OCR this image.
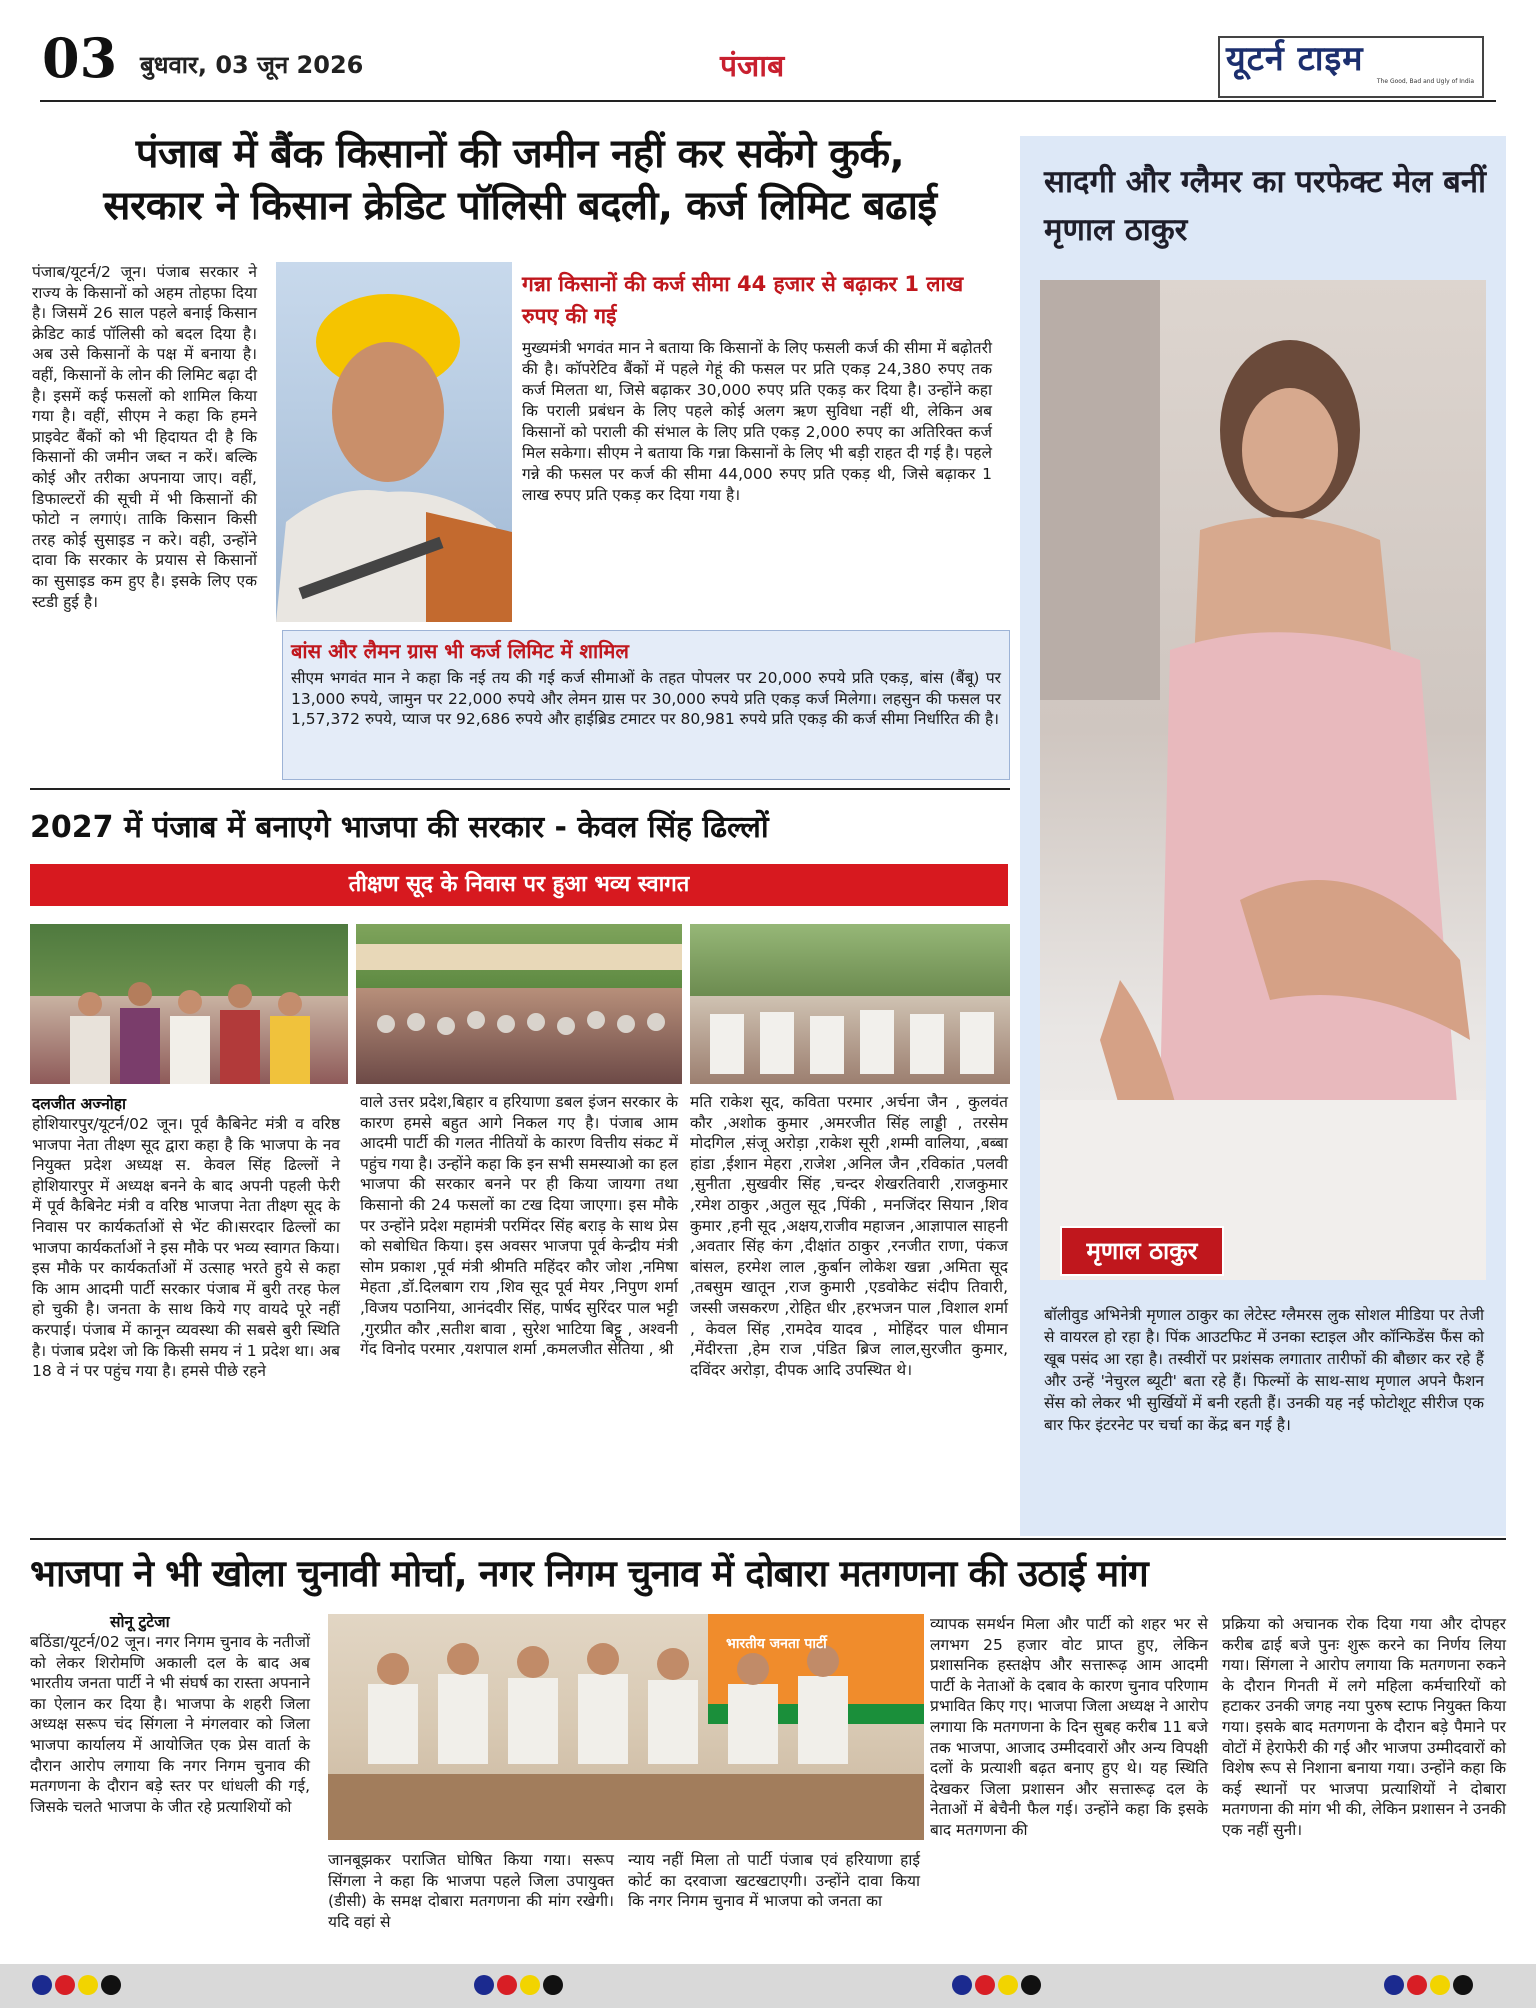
03 बुधवार, 03 जून 2026	पंजाब	यूटर्न टाइम
The Good, Bad and Ugly of India
पंजाब में बैंक किसानों की जमीन नहीं कर सकेंगे कुर्क,
सरकार ने किसान क्रेडिट पॉलिसी बदली, कर्ज लिमिट बढाई
पंजाब/यूटर्न/2 जून। पंजाब सरकार ने राज्य के किसानों को अहम तोहफा दिया है। जिसमें 26 साल पहले बनाई किसान क्रेडिट कार्ड पॉलिसी को बदल दिया है। अब उसे किसानों के पक्ष में बनाया है। वहीं, किसानों के लोन की लिमिट बढ़ा दी है। इसमें कई फसलों को शामिल किया गया है। वहीं, सीएम ने कहा कि हमने प्राइवेट बैंकों को भी हिदायत दी है कि किसानों की जमीन जब्त न करें। बल्कि कोई और तरीका अपनाया जाए। वहीं, डिफाल्टरों की सूची में भी किसानों की फोटो न लगाएं। ताकि किसान किसी तरह कोई सुसाइड न करे। वही, उन्होंने दावा कि सरकार के प्रयास से किसानों का सुसाइड कम हुए है। इसके लिए एक स्टडी हुई है।
गन्ना किसानों की कर्ज सीमा 44 हजार से बढ़ाकर 1 लाख रुपए की गई
मुख्यमंत्री भगवंत मान ने बताया कि किसानों के लिए फसली कर्ज की सीमा में बढ़ोतरी की है। कॉपरेटिव बैंकों में पहले गेहूं की फसल पर प्रति एकड़ 24,380 रुपए तक कर्ज मिलता था, जिसे बढ़ाकर 30,000 रुपए प्रति एकड़ कर दिया है। उन्होंने कहा कि पराली प्रबंधन के लिए पहले कोई अलग ऋण सुविधा नहीं थी, लेकिन अब किसानों को पराली की संभाल के लिए प्रति एकड़ 2,000 रुपए का अतिरिक्त कर्ज मिल सकेगा। सीएम ने बताया कि गन्ना किसानों के लिए भी बड़ी राहत दी गई है। पहले गन्ने की फसल पर कर्ज की सीमा 44,000 रुपए प्रति एकड़ थी, जिसे बढ़ाकर 1 लाख रुपए प्रति एकड़ कर दिया गया है।
बांस और लैमन ग्रास भी कर्ज लिमिट में शामिल
सीएम भगवंत मान ने कहा कि नई तय की गई कर्ज सीमाओं के तहत पोपलर पर 20,000 रुपये प्रति एकड़, बांस (बैंबू) पर 13,000 रुपये, जामुन पर 22,000 रुपये और लेमन ग्रास पर 30,000 रुपये प्रति एकड़ कर्ज मिलेगा। लहसुन की फसल पर 1,57,372 रुपये, प्याज पर 92,686 रुपये और हाईब्रिड टमाटर पर 80,981 रुपये प्रति एकड़ की कर्ज सीमा निर्धारित की है।
2027 में पंजाब में बनाएगे भाजपा की सरकार - केवल सिंह ढिल्लों
तीक्षण सूद के निवास पर हुआ भव्य स्वागत
दलजीत अज्नोहा
होशियारपुर/यूटर्न/02 जून। पूर्व कैबिनेट मंत्री व वरिष्ठ भाजपा नेता तीक्ष्ण सूद द्वारा कहा है कि भाजपा के नव नियुक्त प्रदेश अध्यक्ष स. केवल सिंह ढिल्लों ने होशियारपुर में अध्यक्ष बनने के बाद अपनी पहली फेरी में पूर्व कैबिनेट मंत्री व वरिष्ठ भाजपा नेता तीक्ष्ण सूद के निवास पर कार्यकर्ताओं से भेंट की।सरदार ढिल्लों का भाजपा कार्यकर्ताओं ने इस मौके पर भव्य स्वागत किया। इस मौके पर कार्यकर्ताओं में उत्साह भरते हुये से कहा कि आम आदमी पार्टी सरकार पंजाब में बुरी तरह फेल हो चुकी है। जनता के साथ किये गए वायदे पूरे नहीं करपाई। पंजाब में कानून व्यवस्था की सबसे बुरी स्थिति है। पंजाब प्रदेश जो कि किसी समय नं 1 प्रदेश था। अब 18 वे नं पर पहुंच गया है। हमसे पीछे रहने
वाले उत्तर प्रदेश,बिहार व हरियाणा डबल इंजन सरकार के कारण हमसे बहुत आगे निकल गए है। पंजाब आम आदमी पार्टी की गलत नीतियों के कारण वित्तीय संकट में पहुंच गया है। उन्होंने कहा कि इन सभी समस्याओ का हल भाजपा की सरकार बनने पर ही किया जायगा तथा किसानो की 24 फसलों का टख दिया जाएगा। इस मौके पर उन्होंने प्रदेश महामंत्री परमिंदर सिंह बराड़ के साथ प्रेस को सबोधित किया। इस अवसर भाजपा पूर्व केन्द्रीय मंत्री सोम प्रकाश ,पूर्व मंत्री श्रीमति महिंदर कौर जोश ,नमिषा मेहता ,डॉ.दिलबाग राय ,शिव सूद पूर्व मेयर ,निपुण शर्मा ,विजय पठानिया, आनंदवीर सिंह, पार्षद सुरिंदर पाल भट्टी ,गुरप्रीत कौर ,सतीश बावा , सुरेश भाटिया बिट्टू , अश्वनी गेंद विनोद परमार ,यशपाल शर्मा ,कमलजीत सेतिया , श्री
मति राकेश सूद, कविता परमार ,अर्चना जैन , कुलवंत कौर ,अशोक कुमार ,अमरजीत सिंह लाड्डी , तरसेम मोदगिल ,संजू अरोड़ा ,राकेश सूरी ,शम्मी वालिया, ,बब्बा हांडा ,ईशान मेहरा ,राजेश ,अनिल जैन ,रविकांत ,पलवी ,सुनीता ,सुखवीर सिंह ,चन्दर शेखरतिवारी ,राजकुमार ,रमेश ठाकुर ,अतुल सूद ,पिंकी , मनजिंदर सियान ,शिव कुमार ,हनी सूद ,अक्षय,राजीव महाजन ,आज्ञापाल साहनी ,अवतार सिंह कंग ,दीक्षांत ठाकुर ,रनजीत राणा, पंकज बांसल, हरमेश लाल ,कुर्बान लोकेश खन्ना ,अमिता सूद ,तबसुम खातून ,राज कुमारी ,एडवोकेट संदीप तिवारी, जस्सी जसकरण ,रोहित धीर ,हरभजन पाल ,विशाल शर्मा , केवल सिंह ,रामदेव यादव , मोहिंदर पाल धीमान ,मेंदीरत्ता ,हेम राज ,पंडित ब्रिज लाल,सुरजीत कुमार, दविंदर अरोड़ा, दीपक आदि उपस्थित थे।
सादगी और ग्लैमर का परफेक्ट मेल बनीं मृणाल ठाकुर
मृणाल ठाकुर
बॉलीवुड अभिनेत्री मृणाल ठाकुर का लेटेस्ट ग्लैमरस लुक सोशल मीडिया पर तेजी से वायरल हो रहा है। पिंक आउटफिट में उनका स्टाइल और कॉन्फिडेंस फैंस को खूब पसंद आ रहा है। तस्वीरों पर प्रशंसक लगातार तारीफों की बौछार कर रहे हैं और उन्हें 'नेचुरल ब्यूटी' बता रहे हैं। फिल्मों के साथ-साथ मृणाल अपने फैशन सेंस को लेकर भी सुर्खियों में बनी रहती हैं। उनकी यह नई फोटोशूट सीरीज एक बार फिर इंटरनेट पर चर्चा का केंद्र बन गई है।
भाजपा ने भी खोला चुनावी मोर्चा, नगर निगम चुनाव में दोबारा मतगणना की उठाई मांग
सोनू टुटेजा
बठिंडा/यूटर्न/02 जून। नगर निगम चुनाव के नतीजों को लेकर शिरोमणि अकाली दल के बाद अब भारतीय जनता पार्टी ने भी संघर्ष का रास्ता अपनाने का ऐलान कर दिया है। भाजपा के शहरी जिला अध्यक्ष सरूप चंद सिंगला ने मंगलवार को जिला भाजपा कार्यालय में आयोजित एक प्रेस वार्ता के दौरान आरोप लगाया कि नगर निगम चुनाव की मतगणना के दौरान बड़े स्तर पर धांधली की गई, जिसके चलते भाजपा के जीत रहे प्रत्याशियों को
भारतीय जनता पार्टी
जानबूझकर पराजित घोषित किया गया। सरूप सिंगला ने कहा कि भाजपा पहले जिला उपायुक्त (डीसी) के समक्ष दोबारा मतगणना की मांग रखेगी। यदि वहां से
न्याय नहीं मिला तो पार्टी पंजाब एवं हरियाणा हाई कोर्ट का दरवाजा खटखटाएगी। उन्होंने दावा किया कि नगर निगम चुनाव में भाजपा को जनता का
व्यापक समर्थन मिला और पार्टी को शहर भर से लगभग 25 हजार वोट प्राप्त हुए, लेकिन प्रशासनिक हस्तक्षेप और सत्तारूढ़ आम आदमी पार्टी के नेताओं के दबाव के कारण चुनाव परिणाम प्रभावित किए गए। भाजपा जिला अध्यक्ष ने आरोप लगाया कि मतगणना के दिन सुबह करीब 11 बजे तक भाजपा, आजाद उम्मीदवारों और अन्य विपक्षी दलों के प्रत्याशी बढ़त बनाए हुए थे। यह स्थिति देखकर जिला प्रशासन और सत्तारूढ़ दल के नेताओं में बेचैनी फैल गई। उन्होंने कहा कि इसके बाद मतगणना की
प्रक्रिया को अचानक रोक दिया गया और दोपहर करीब ढाई बजे पुनः शुरू करने का निर्णय लिया गया। सिंगला ने आरोप लगाया कि मतगणना रुकने के दौरान गिनती में लगे महिला कर्मचारियों को हटाकर उनकी जगह नया पुरुष स्टाफ नियुक्त किया गया। इसके बाद मतगणना के दौरान बड़े पैमाने पर वोटों में हेराफेरी की गई और भाजपा उम्मीदवारों को विशेष रूप से निशाना बनाया गया। उन्होंने कहा कि कई स्थानों पर भाजपा प्रत्याशियों ने दोबारा मतगणना की मांग भी की, लेकिन प्रशासन ने उनकी एक नहीं सुनी।
